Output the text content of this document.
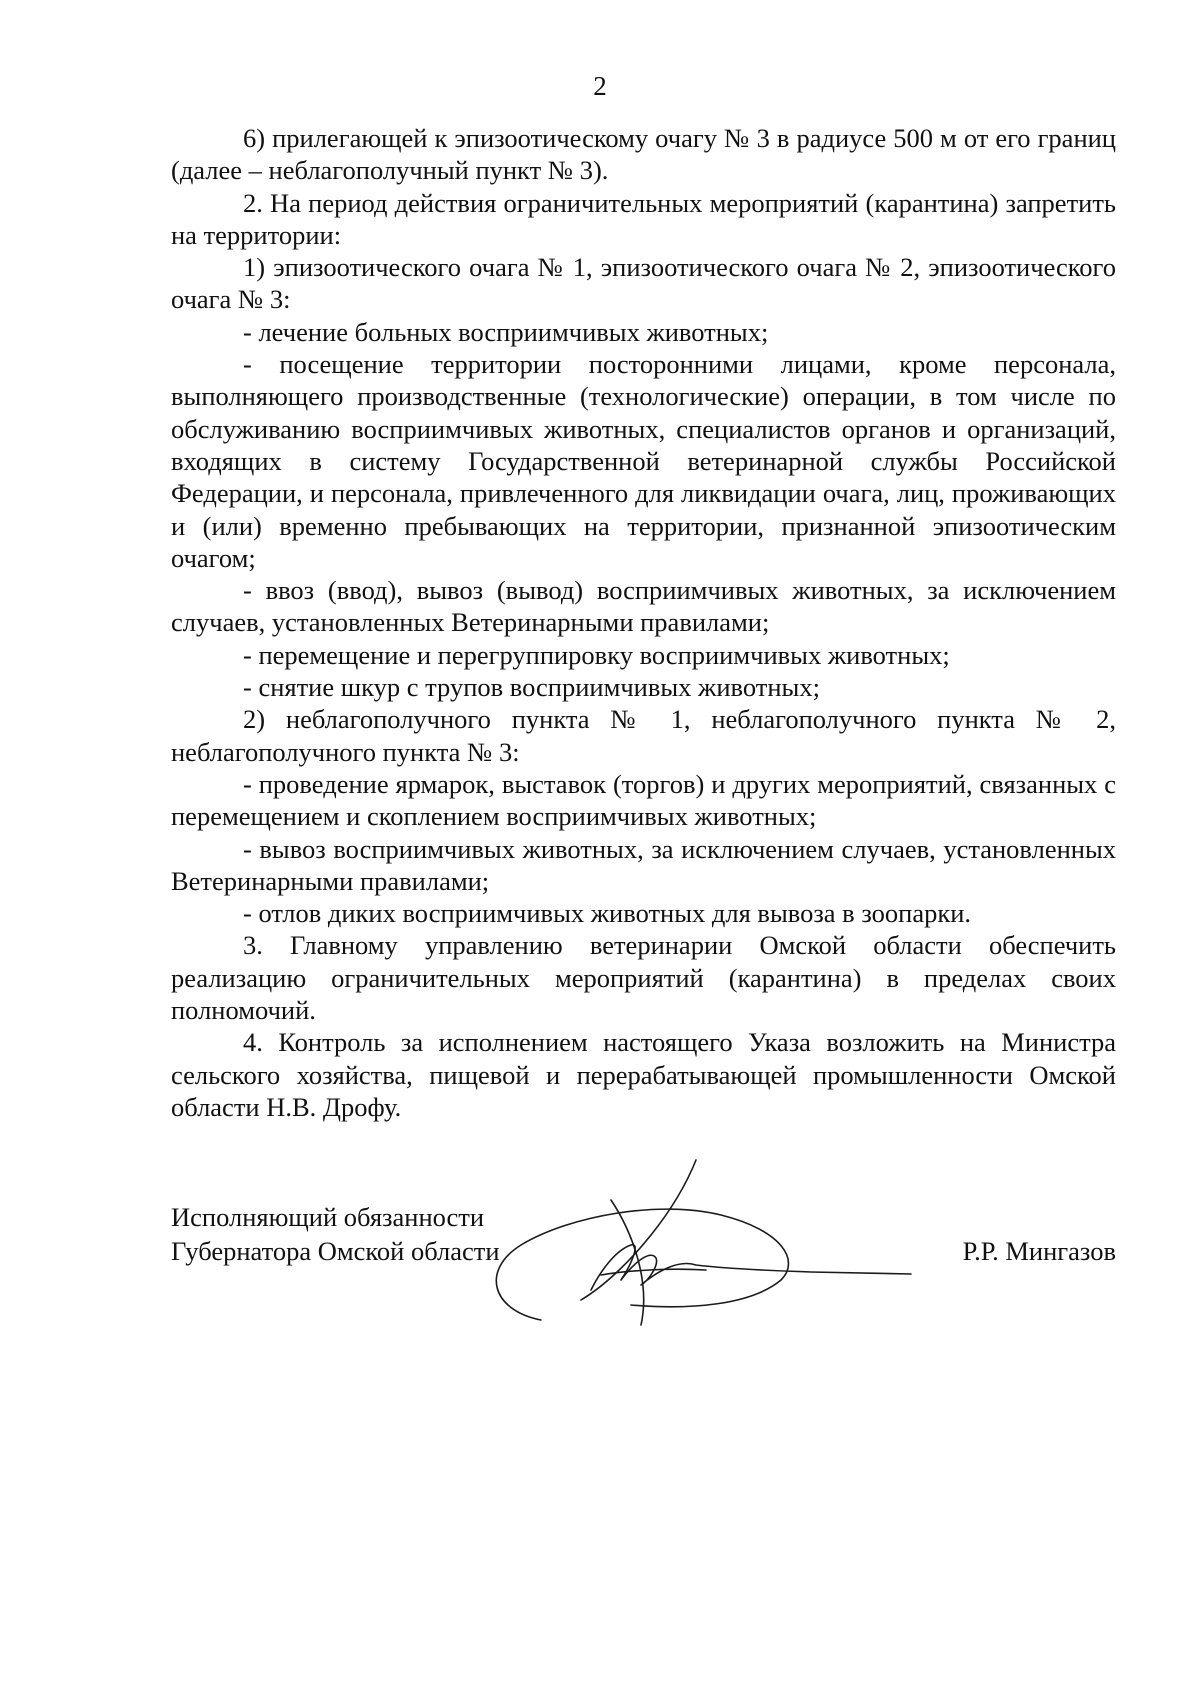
2

6) прилегающей к эпизоотическому очагу № 3 в радиусе 500 м от его границ (далее – неблагополучный пункт № 3).

2. На период действия ограничительных мероприятий (карантина) запретить на территории:

1) эпизоотического очага № 1, эпизоотического очага № 2, эпизоотического очага № 3:

- лечение больных восприимчивых животных;

- посещение территории посторонними лицами, кроме персонала, выполняющего производственные (технологические) операции, в том числе по обслуживанию восприимчивых животных, специалистов органов и организаций, входящих в систему Государственной ветеринарной службы Российской Федерации, и персонала, привлеченного для ликвидации очага, лиц, проживающих и (или) временно пребывающих на территории, признанной эпизоотическим очагом;

- ввоз (ввод), вывоз (вывод) восприимчивых животных, за исключением случаев, установленных Ветеринарными правилами;

- перемещение и перегруппировку восприимчивых животных;

- снятие шкур с трупов восприимчивых животных;

2) неблагополучного пункта № 1, неблагополучного пункта № 2, неблагополучного пункта № 3:

- проведение ярмарок, выставок (торгов) и других мероприятий, связанных с перемещением и скоплением восприимчивых животных;

- вывоз восприимчивых животных, за исключением случаев, установленных Ветеринарными правилами;

- отлов диких восприимчивых животных для вывоза в зоопарки.

3. Главному управлению ветеринарии Омской области обеспечить реализацию ограничительных мероприятий (карантина) в пределах своих полномочий.

4. Контроль за исполнением настоящего Указа возложить на Министра сельского хозяйства, пищевой и перерабатывающей промышленности Омской области Н.В. Дрофу.

Исполняющий обязанности
Губернатора Омской области	Р.Р. Мингазов
